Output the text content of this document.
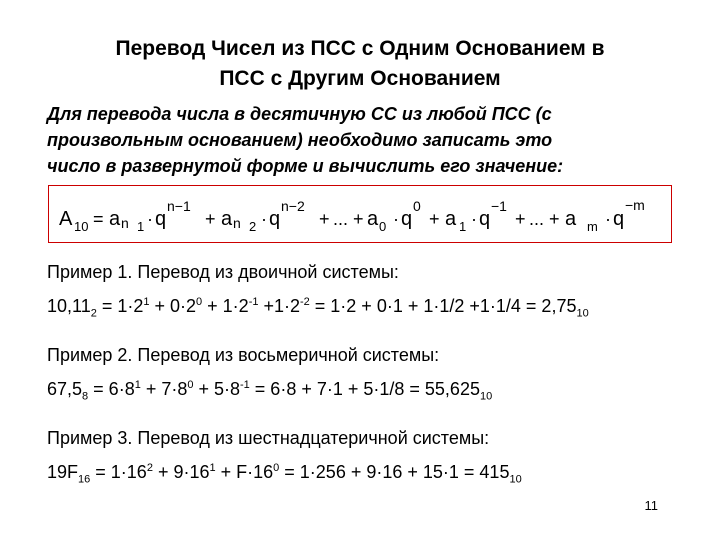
Перевод Чисел из ПСС с Одним Основанием в
ПСС с Другим Основанием
Для перевода числа в десятичную СС из любой ПСС (с
произвольным основанием) необходимо записать это
число в развернутой форме и вычислить его значение:
A 10 = a n 1 · q
n−1
+ a n 2 · q
n−2
+ ... + a 0 · q
0
+ a 1 · q
−1
+ ... + a m · q
−m
Пример 1. Перевод из двоичной системы:
$10,11_2 = 1\cdot 2^1 + 0\cdot 2^0 + 1\cdot 2^{-1} +1\cdot 2^{-2} = 1\cdot 2 + 0\cdot 1 + 1\cdot 1/2 +1\cdot 1/4 = 2,75_{10}$
Пример 2. Перевод из восьмеричной системы:
$67,5_8 = 6\cdot 8^1 + 7\cdot 8^0 + 5\cdot 8^{-1} = 6\cdot 8 + 7\cdot 1 + 5\cdot 1/8 = 55,625_{10}$
Пример 3. Перевод из шестнадцатеричной системы:
$19F_{16} = 1\cdot 16^2 + 9\cdot 16^1 + F\cdot 16^0 = 1\cdot 256 + 9\cdot 16 + 15\cdot 1 = 415_{10}$
11
